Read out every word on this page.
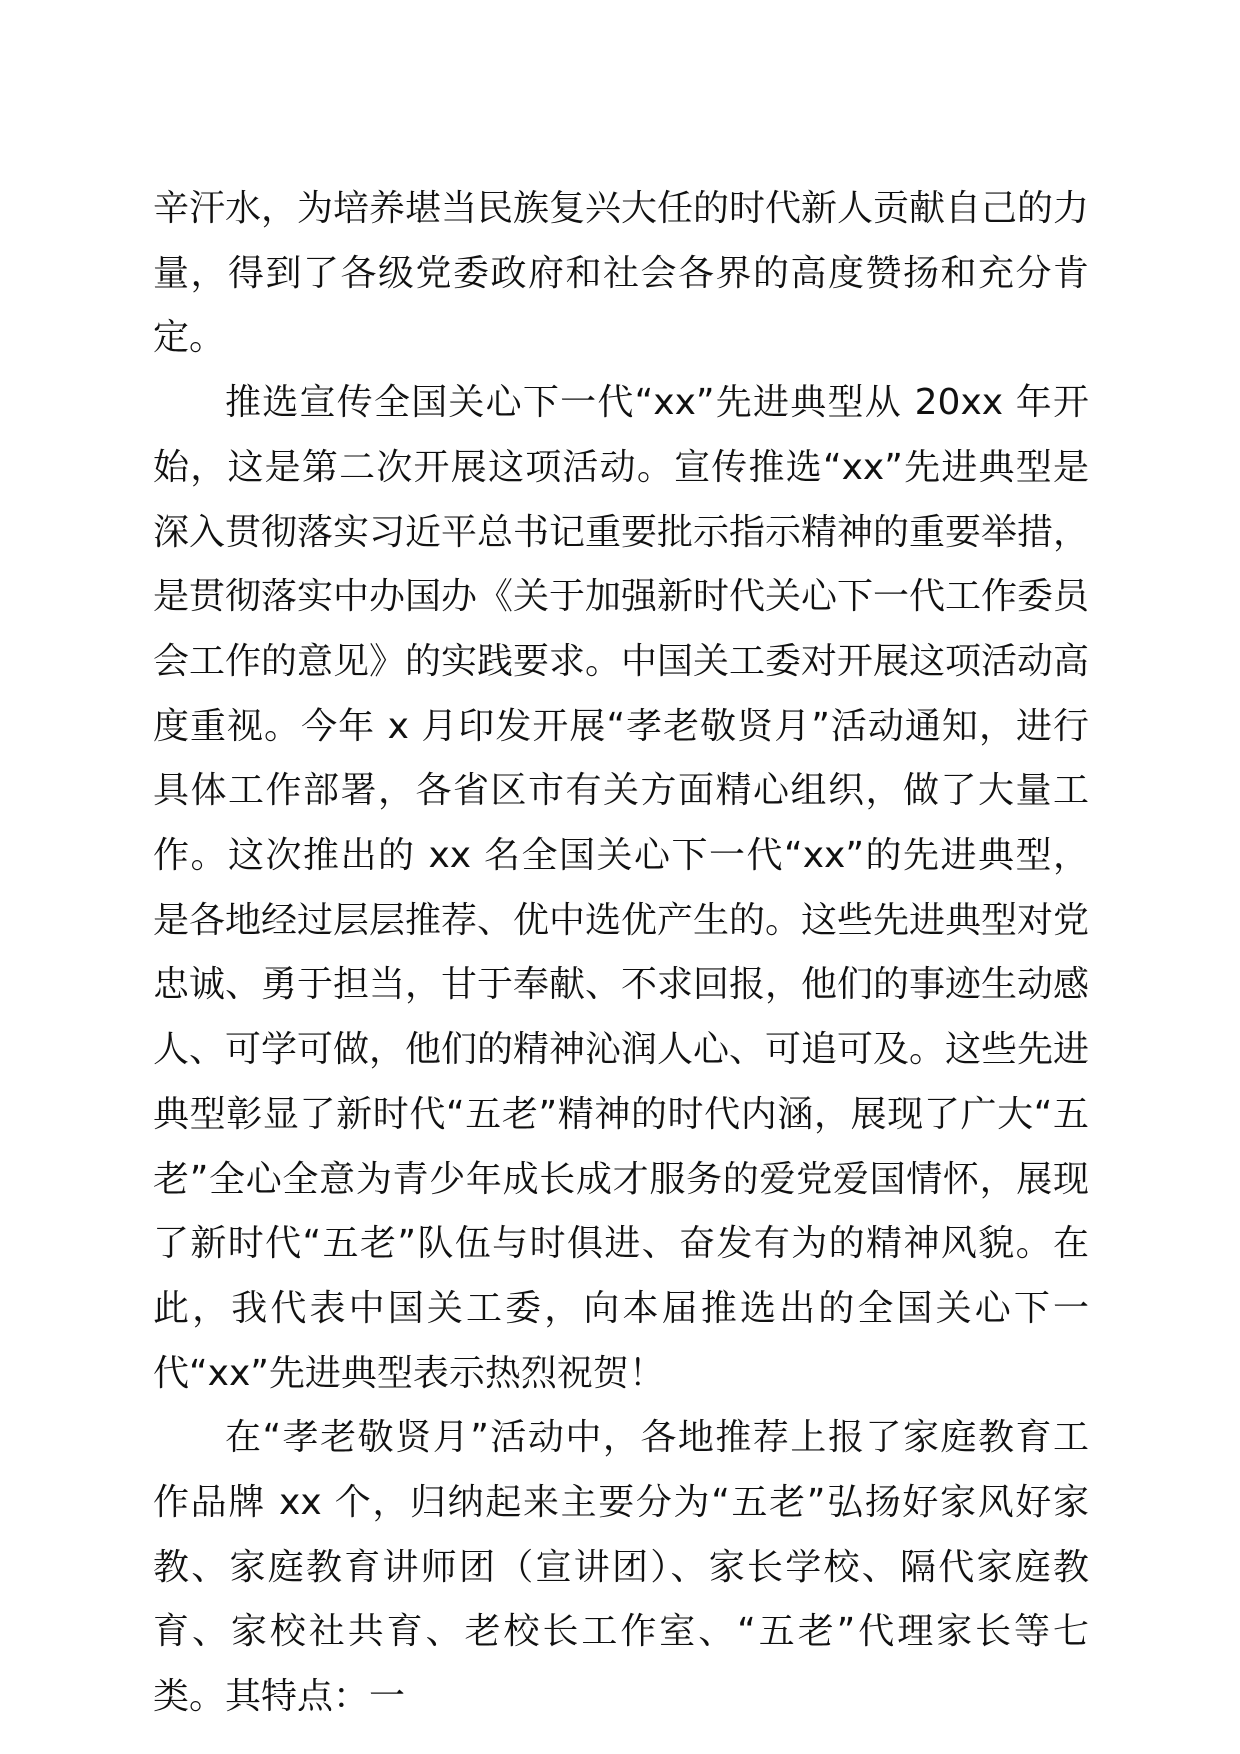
辛汗水，为培养堪当民族复兴大任的时代新人贡献自己的力量，得到了各级党委政府和社会各界的高度赞扬和充分肯定。

推选宣传全国关心下一代“xx”先进典型从 20xx 年开始，这是第二次开展这项活动。宣传推选“xx”先进典型是深入贯彻落实习近平总书记重要批示指示精神的重要举措，是贯彻落实中办国办《关于加强新时代关心下一代工作委员会工作的意见》的实践要求。中国关工委对开展这项活动高度重视。今年 x 月印发开展“孝老敬贤月”活动通知，进行具体工作部署，各省区市有关方面精心组织，做了大量工作。这次推出的 xx 名全国关心下一代“xx”的先进典型，是各地经过层层推荐、优中选优产生的。这些先进典型对党忠诚、勇于担当，甘于奉献、不求回报，他们的事迹生动感人、可学可做，他们的精神沁润人心、可追可及。这些先进典型彰显了新时代“五老”精神的时代内涵，展现了广大“五老”全心全意为青少年成长成才服务的爱党爱国情怀，展现了新时代“五老”队伍与时俱进、奋发有为的精神风貌。在此，我代表中国关工委，向本届推选出的全国关心下一代“xx”先进典型表示热烈祝贺！

在“孝老敬贤月”活动中，各地推荐上报了家庭教育工作品牌 xx 个，归纳起来主要分为“五老”弘扬好家风好家教、家庭教育讲师团（宣讲团）、家长学校、隔代家庭教育、家校社共育、老校长工作室、“五老”代理家长等七类。其特点：一
